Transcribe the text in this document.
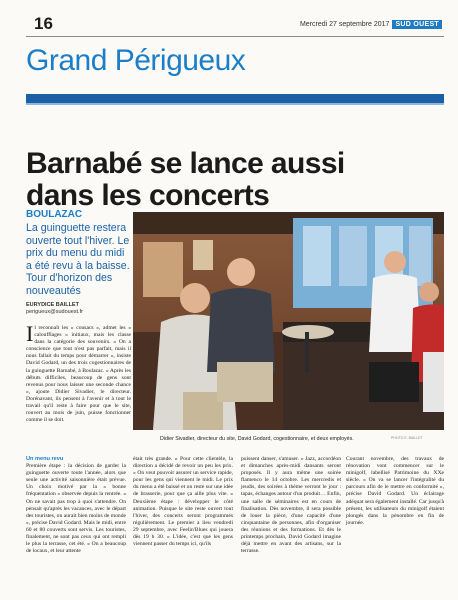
16	Mercredi 27 septembre 2017 SUD OUEST
Grand Périgueux
Barnabé se lance aussi
dans les concerts
BOULAZAC
La guinguette restera ouverte tout l'hiver. Le prix du menu du midi a été revu à la baisse. Tour d'horizon des nouveautés
EURYDICE BAILLET
perigueux@sudouest.fr
Il reconnaît les « cousacs », admet les « caloufflages » initiaux, mais les classe dans la catégorie des souvenirs. « On a conscience que tout n'est pas parfait, mais il nous fallait du temps pour démarrer », insiste David Godard, un des trois cogestionnaires de la guinguette Barnabé, à Boulazac. « Après les débuts difficiles, beaucoup de gens sont revenus pour nous laisser une seconde chance », ajoute Didier Sivadier, le directeur. Dorénavant, ils pensent à l'avenir et à tout le travail qu'il reste à faire pour que le site, rouvert au mois de juin, puisse fonctionner comme il se doit.
Didier Sivadier, directeur du site, David Godard, cogestionnaire, et deux employés.	PHOTO E. BAILLET
Un menu revu
Première étape : la décision de garder la guinguette ouverte toute l'année, alors que seule une activité saisonnière était prévue. Un choix motivé par la « bonne fréquentation » observée depuis la rentrée. « On ne savait pas trop à quoi s'attendre. On pensait qu'après les vacances, avec le départ des touristes, on aurait bien moins de monde », précise David Godard. Mais le midi, entre 60 et 80 couverts sont servis. Les touristes, finalement, ne sont pas ceux qui ont rempli le plus la terrasse, cet été. « On a beaucoup de locaux, et leur attente
était très grande. » Pour cette clientèle, la direction a décidé de revoir un peu les prix. « On veut pouvoir assurer un service rapide, pour les gens qui viennent le midi. Le prix du menu a été baissé et on reste sur une idée de brasserie, pour que ça aille plus vite. » Deuxième étape : développer le côté animation. Puisque le site reste ouvert tout l'hiver, des concerts seront programmés régulièrement. Le premier a lieu vendredi 29 septembre, avec Feelin'Blues qui jouera dès 19 h 30. « L'idée, c'est que les gens viennent passer du temps ici, qu'ils
puissent danser, s'amuser. » Jazz, accordéon et dimanches après-midi dansants seront proposés. Il y aura même une soirée flamenco le 14 octobre. Les mercredis et jeudis, des soirées à thème verront le jour : tapas, échanges autour d'un produit… Enfin, une salle de séminaires est en cours de finalisation. Dès novembre, il sera possible de louer la pièce, d'une capacité d'une cinquantaine de personnes, afin d'organiser des réunions et des formations. Et dès le printemps prochain, David Godard imagine déjà mettre en avant des artisans, sur la terrasse.
Courant novembre, des travaux de rénovation vont commencer sur le minigolf, labellisé Patrimoine du XXe siècle. « On va se lancer l'intégralité du parcours afin de le mettre en conformité », précise David Godard. Un éclairage adéquat sera également installé. Car jusqu'à présent, les utilisateurs du minigolf étaient plongés dans la pénombre en fin de journée.
